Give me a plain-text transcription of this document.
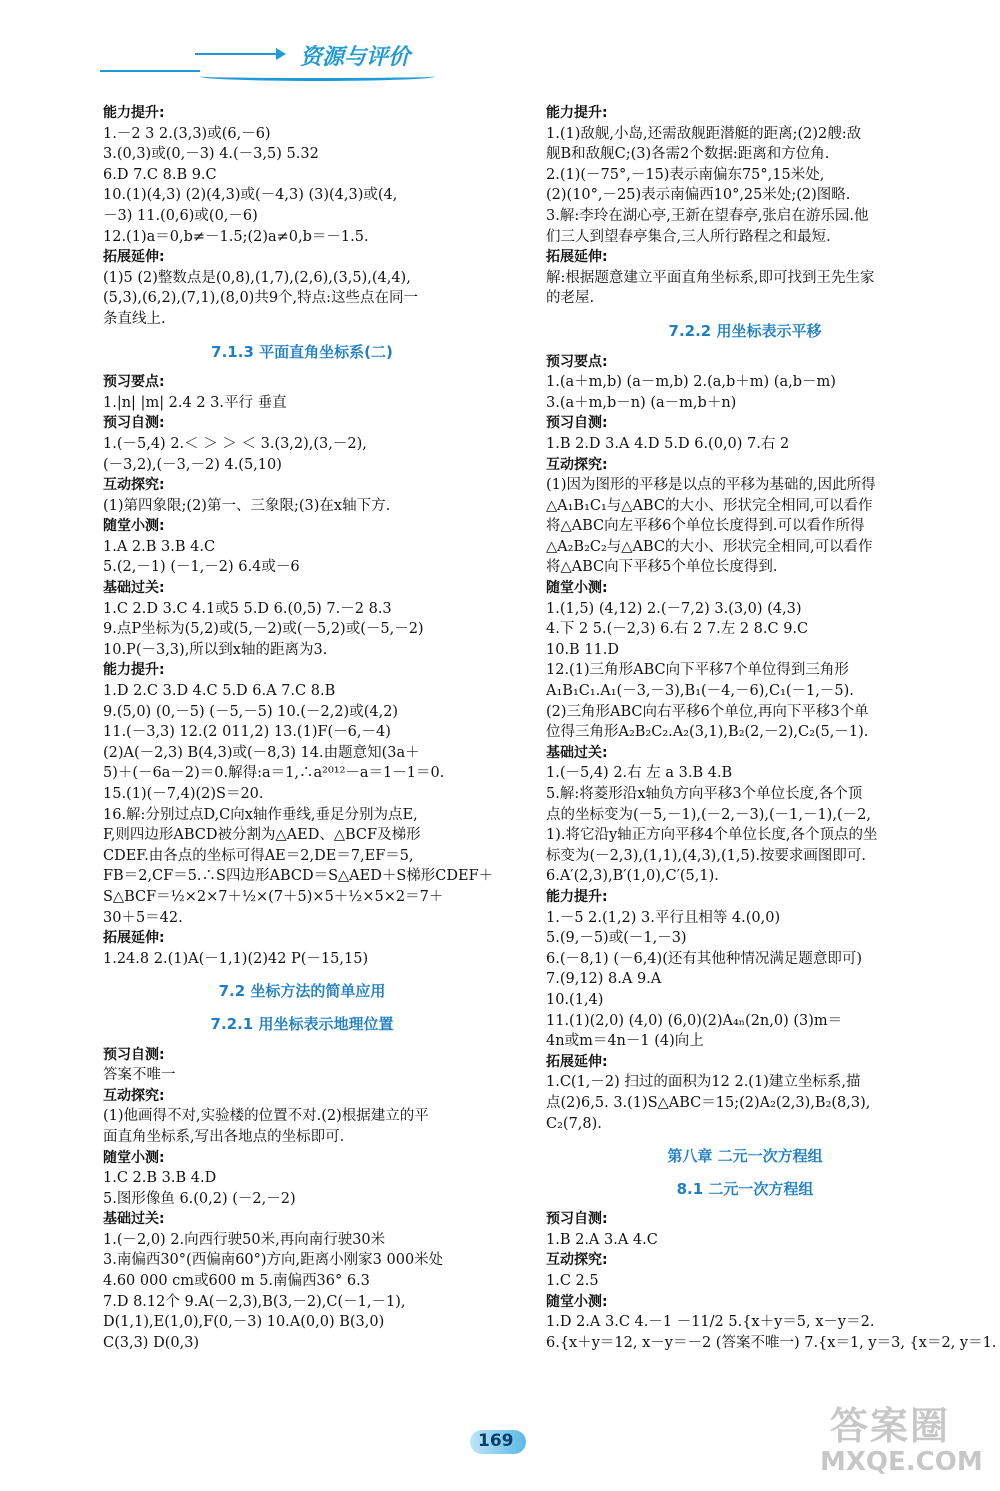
资源与评价
能力提升:
1.－2 3 2.(3,3)或(6,－6)
3.(0,3)或(0,－3) 4.(－3,5) 5.32
6.D 7.C 8.B 9.C
10.(1)(4,3) (2)(4,3)或(－4,3) (3)(4,3)或(4,
－3) 11.(0,6)或(0,－6)
12.(1)a＝0,b≠－1.5;(2)a≠0,b＝－1.5.
拓展延伸:
(1)5 (2)整数点是(0,8),(1,7),(2,6),(3,5),(4,4),
(5,3),(6,2),(7,1),(8,0)共9个,特点:这些点在同一
条直线上.
7.1.3 平面直角坐标系(二)
预习要点:
1.|n| |m| 2.4 2 3.平行 垂直
预习自测:
1.(－5,4) 2.＜ ＞ ＞ ＜ 3.(3,2),(3,－2),
(－3,2),(－3,－2) 4.(5,10)
互动探究:
(1)第四象限;(2)第一、三象限;(3)在x轴下方.
随堂小测:
1.A 2.B 3.B 4.C
5.(2,－1) (－1,－2) 6.4或－6
基础过关:
1.C 2.D 3.C 4.1或5 5.D 6.(0,5) 7.－2 8.3
9.点P坐标为(5,2)或(5,－2)或(－5,2)或(－5,－2)
10.P(－3,3),所以到x轴的距离为3.
能力提升:
1.D 2.C 3.D 4.C 5.D 6.A 7.C 8.B
9.(5,0) (0,－5) (－5,－5) 10.(－2,2)或(4,2)
11.(－3,3) 12.(2 011,2) 13.(1)F(－6,－4)
(2)A(－2,3) B(4,3)或(－8,3) 14.由题意知(3a＋
5)＋(－6a－2)＝0.解得:a＝1,∴a²⁰¹²－a＝1－1＝0.
15.(1)(－7,4)(2)S＝20.
16.解:分别过点D,C向x轴作垂线,垂足分别为点E,
F,则四边形ABCD被分割为△AED、△BCF及梯形
CDEF.由各点的坐标可得AE＝2,DE＝7,EF＝5,
FB＝2,CF＝5.∴S四边形ABCD＝S△AED＋S梯形CDEF＋
S△BCF＝½×2×7＋½×(7＋5)×5＋½×5×2＝7＋
30＋5＝42.
拓展延伸:
1.24.8 2.(1)A(－1,1)(2)42 P(－15,15)
7.2 坐标方法的简单应用
7.2.1 用坐标表示地理位置
预习自测:
答案不唯一
互动探究:
(1)他画得不对,实验楼的位置不对.(2)根据建立的平
面直角坐标系,写出各地点的坐标即可.
随堂小测:
1.C 2.B 3.B 4.D
5.图形像鱼 6.(0,2) (－2,－2)
基础过关:
1.(－2,0) 2.向西行驶50米,再向南行驶30米
3.南偏西30°(西偏南60°)方向,距离小刚家3 000米处
4.60 000 cm或600 m 5.南偏西36° 6.3
7.D 8.12个 9.A(－2,3),B(3,－2),C(－1,－1),
D(1,1),E(1,0),F(0,－3) 10.A(0,0) B(3,0)
C(3,3) D(0,3)
能力提升:
1.(1)敌舰,小岛,还需敌舰距潜艇的距离;(2)2艘:敌
舰B和敌舰C;(3)各需2个数据:距离和方位角.
2.(1)(－75°,－15)表示南偏东75°,15米处,
(2)(10°,－25)表示南偏西10°,25米处;(2)图略.
3.解:李玲在湖心亭,王新在望春亭,张启在游乐园.他
们三人到望春亭集合,三人所行路程之和最短.
拓展延伸:
解:根据题意建立平面直角坐标系,即可找到王先生家
的老屋.
7.2.2 用坐标表示平移
预习要点:
1.(a＋m,b) (a－m,b) 2.(a,b＋m) (a,b－m)
3.(a＋m,b－n) (a－m,b＋n)
预习自测:
1.B 2.D 3.A 4.D 5.D 6.(0,0) 7.右 2
互动探究:
(1)因为图形的平移是以点的平移为基础的,因此所得
△A₁B₁C₁与△ABC的大小、形状完全相同,可以看作
将△ABC向左平移6个单位长度得到.可以看作所得
△A₂B₂C₂与△ABC的大小、形状完全相同,可以看作
将△ABC向下平移5个单位长度得到.
随堂小测:
1.(1,5) (4,12) 2.(－7,2) 3.(3,0) (4,3)
4.下 2 5.(－2,3) 6.右 2 7.左 2 8.C 9.C
10.B 11.D
12.(1)三角形ABC向下平移7个单位得到三角形
A₁B₁C₁.A₁(－3,－3),B₁(－4,－6),C₁(－1,－5).
(2)三角形ABC向右平移6个单位,再向下平移3个单
位得三角形A₂B₂C₂.A₂(3,1),B₂(2,－2),C₂(5,－1).
基础过关:
1.(－5,4) 2.右 左 a 3.B 4.B
5.解:将菱形沿x轴负方向平移3个单位长度,各个顶
点的坐标变为(－5,－1),(－2,－3),(－1,－1),(－2,
1).将它沿y轴正方向平移4个单位长度,各个顶点的坐
标变为(－2,3),(1,1),(4,3),(1,5).按要求画图即可.
6.A′(2,3),B′(1,0),C′(5,1).
能力提升:
1.－5 2.(1,2) 3.平行且相等 4.(0,0)
5.(9,－5)或(－1,－3)
6.(－8,1) (－6,4)(还有其他种情况满足题意即可)
7.(9,12) 8.A 9.A
10.(1,4)
11.(1)(2,0) (4,0) (6,0)(2)A₄ₙ(2n,0) (3)m＝
4n或m＝4n－1 (4)向上
拓展延伸:
1.C(1,－2) 扫过的面积为12 2.(1)建立坐标系,描
点(2)6,5. 3.(1)S△ABC＝15;(2)A₂(2,3),B₂(8,3),
C₂(7,8).
第八章 二元一次方程组
8.1 二元一次方程组
预习自测:
1.B 2.A 3.A 4.C
互动探究:
1.C 2.5
随堂小测:
1.D 2.A 3.C 4.－1 －11/2 5.{x＋y＝5, x－y＝2.
6.{x＋y＝12, x－y＝－2 (答案不唯一) 7.{x＝1, y＝3, {x＝2, y＝1.
169	答案圈
MXQE.COM
